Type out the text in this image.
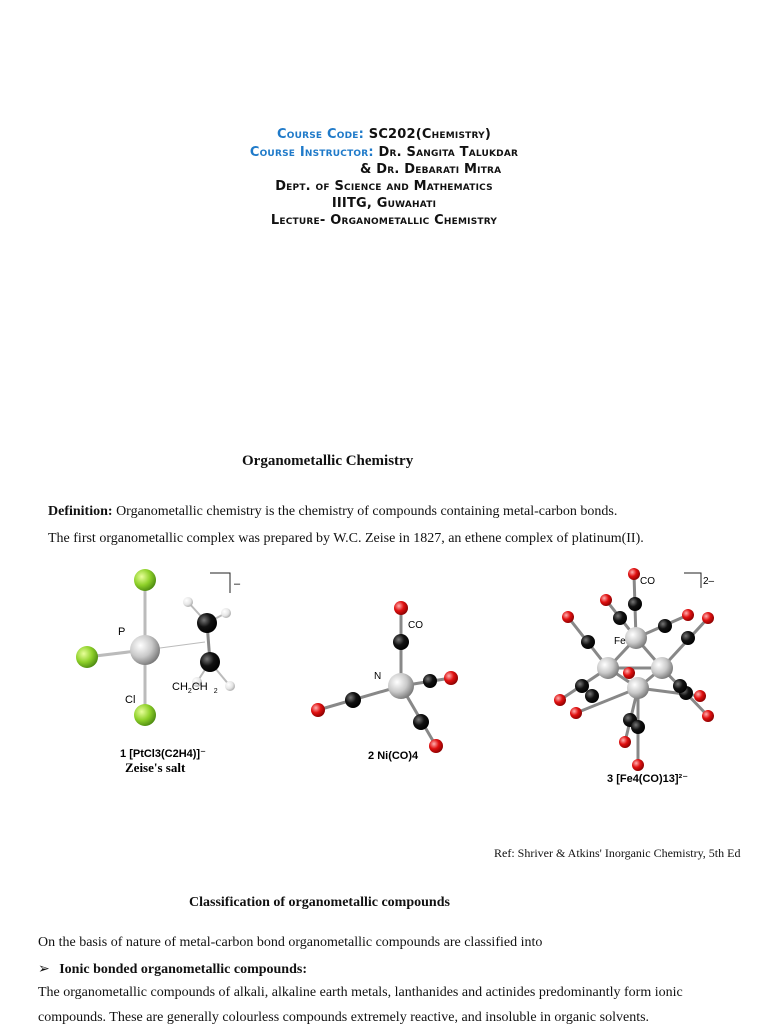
Course Code: SC202(Chemistry)
Course Instructor: Dr. Sangita Talukdar
& Dr. Debarati Mitra
Dept. of Science and Mathematics
IIITG, Guwahati
Lecture- Organometallic Chemistry
Organometallic Chemistry
Definition: Organometallic chemistry is the chemistry of compounds containing metal-carbon bonds.
The first organometallic complex was prepared by W.C. Zeise in 1827, an ethene complex of platinum(II).
P
Cl
$CH_2CH$ $_2$
–
1 [PtCl3(C2H4)]⁻
Zeise's salt
CO
N
2 Ni(CO)4
CO
Fe
2–
3 [Fe4(CO)13]²⁻
Ref: Shriver & Atkins' Inorganic Chemistry, 5th Ed
Classification of organometallic compounds
On the basis of nature of metal-carbon bond organometallic compounds are classified into
➢ Ionic bonded organometallic compounds:
The organometallic compounds of alkali, alkaline earth metals, lanthanides and actinides predominantly form ionic
compounds. These are generally colourless compounds extremely reactive, and insoluble in organic solvents.
